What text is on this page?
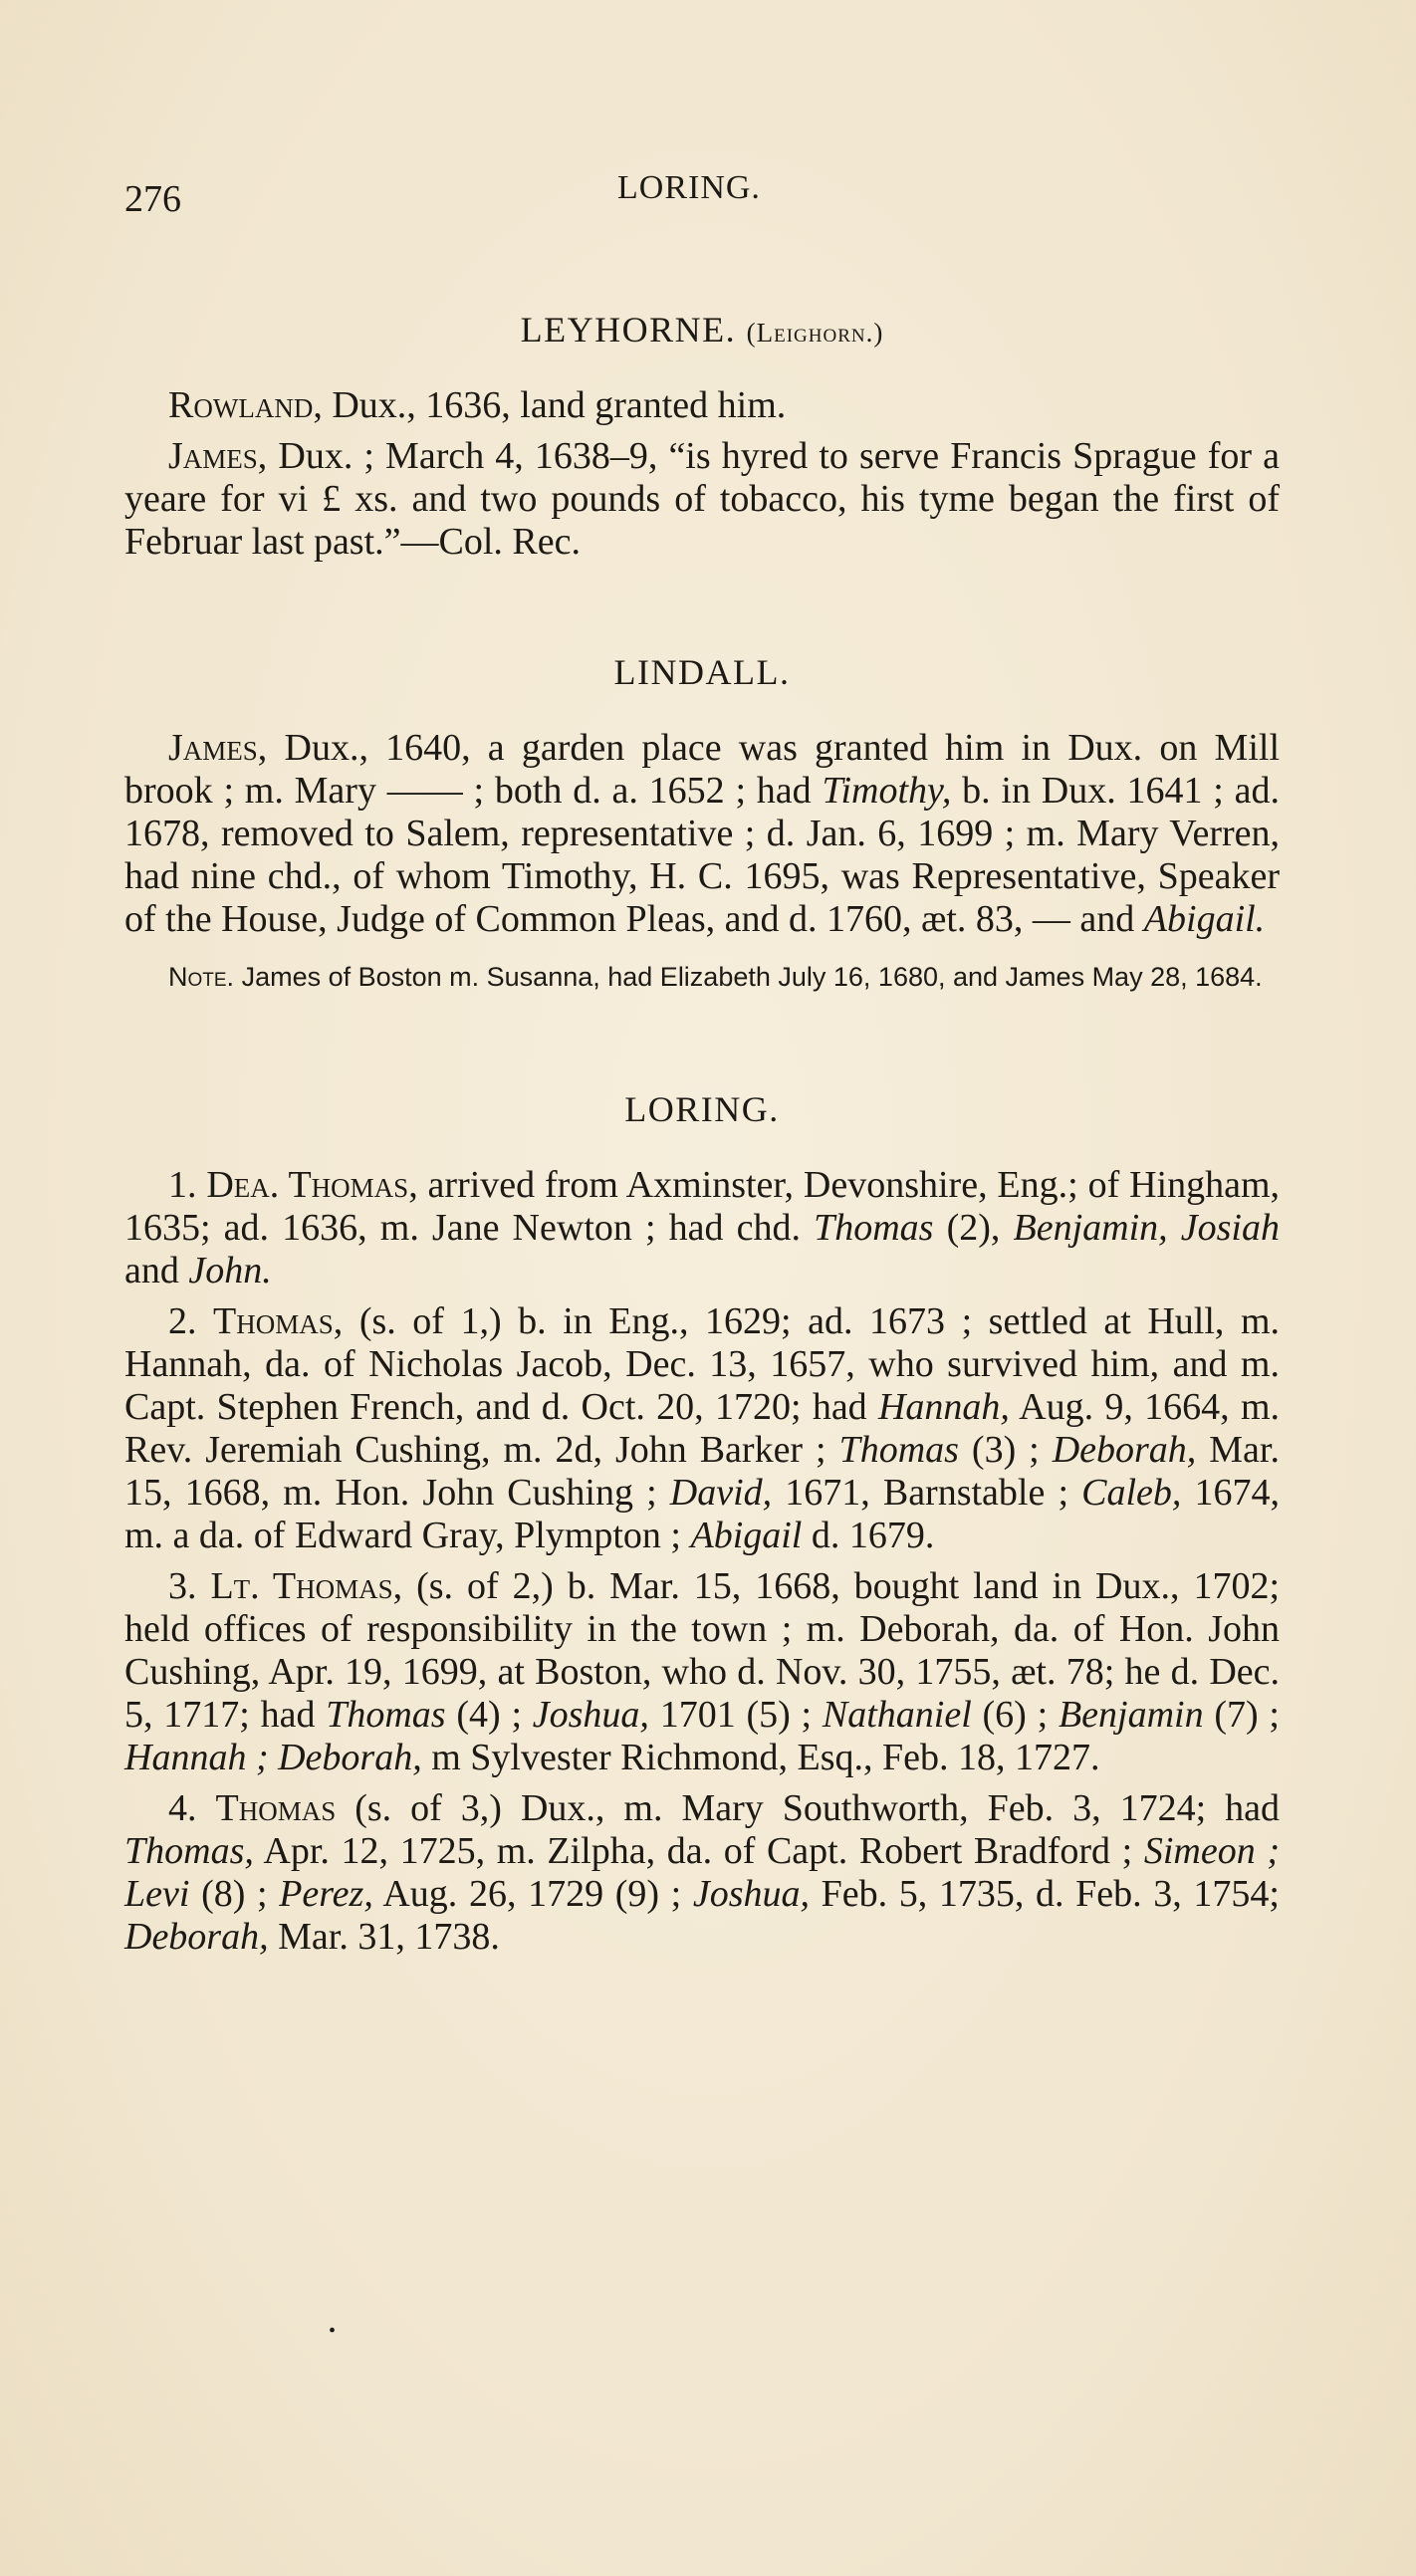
276	LORING.
LEYHORNE. (Leighorn.)

Rowland, Dux., 1636, land granted him.

James, Dux. ; March 4, 1638–9, “is hyred to serve Francis Sprague for a yeare for vi £ xs. and two pounds of tobacco, his tyme began the first of Februar last past.”—Col. Rec.

LINDALL.

James, Dux., 1640, a garden place was granted him in Dux. on Mill brook ; m. Mary —— ; both d. a. 1652 ; had Timothy, b. in Dux. 1641 ; ad. 1678, removed to Salem, representative ; d. Jan. 6, 1699 ; m. Mary Verren, had nine chd., of whom Timothy, H. C. 1695, was Representative, Speaker of the House, Judge of Common Pleas, and d. 1760, æt. 83, — and Abigail.

Note. James of Boston m. Susanna, had Elizabeth July 16, 1680, and James May 28, 1684.

LORING.

1. Dea. Thomas, arrived from Axminster, Devonshire, Eng.; of Hingham, 1635; ad. 1636, m. Jane Newton ; had chd. Thomas (2), Benjamin, Josiah and John.

2. Thomas, (s. of 1,) b. in Eng., 1629; ad. 1673 ; settled at Hull, m. Hannah, da. of Nicholas Jacob, Dec. 13, 1657, who survived him, and m. Capt. Stephen French, and d. Oct. 20, 1720; had Hannah, Aug. 9, 1664, m. Rev. Jeremiah Cushing, m. 2d, John Barker ; Thomas (3) ; Deborah, Mar. 15, 1668, m. Hon. John Cushing ; David, 1671, Barnstable ; Caleb, 1674, m. a da. of Edward Gray, Plympton ; Abigail d. 1679.

3. Lt. Thomas, (s. of 2,) b. Mar. 15, 1668, bought land in Dux., 1702; held offices of responsibility in the town ; m. Deborah, da. of Hon. John Cushing, Apr. 19, 1699, at Boston, who d. Nov. 30, 1755, æt. 78; he d. Dec. 5, 1717; had Thomas (4) ; Joshua, 1701 (5) ; Nathaniel (6) ; Benjamin (7) ; Hannah ; Deborah, m Sylvester Richmond, Esq., Feb. 18, 1727.

4. Thomas (s. of 3,) Dux., m. Mary Southworth, Feb. 3, 1724; had Thomas, Apr. 12, 1725, m. Zilpha, da. of Capt. Robert Bradford ; Simeon ; Levi (8) ; Perez, Aug. 26, 1729 (9) ; Joshua, Feb. 5, 1735, d. Feb. 3, 1754; Deborah, Mar. 31, 1738.

•
